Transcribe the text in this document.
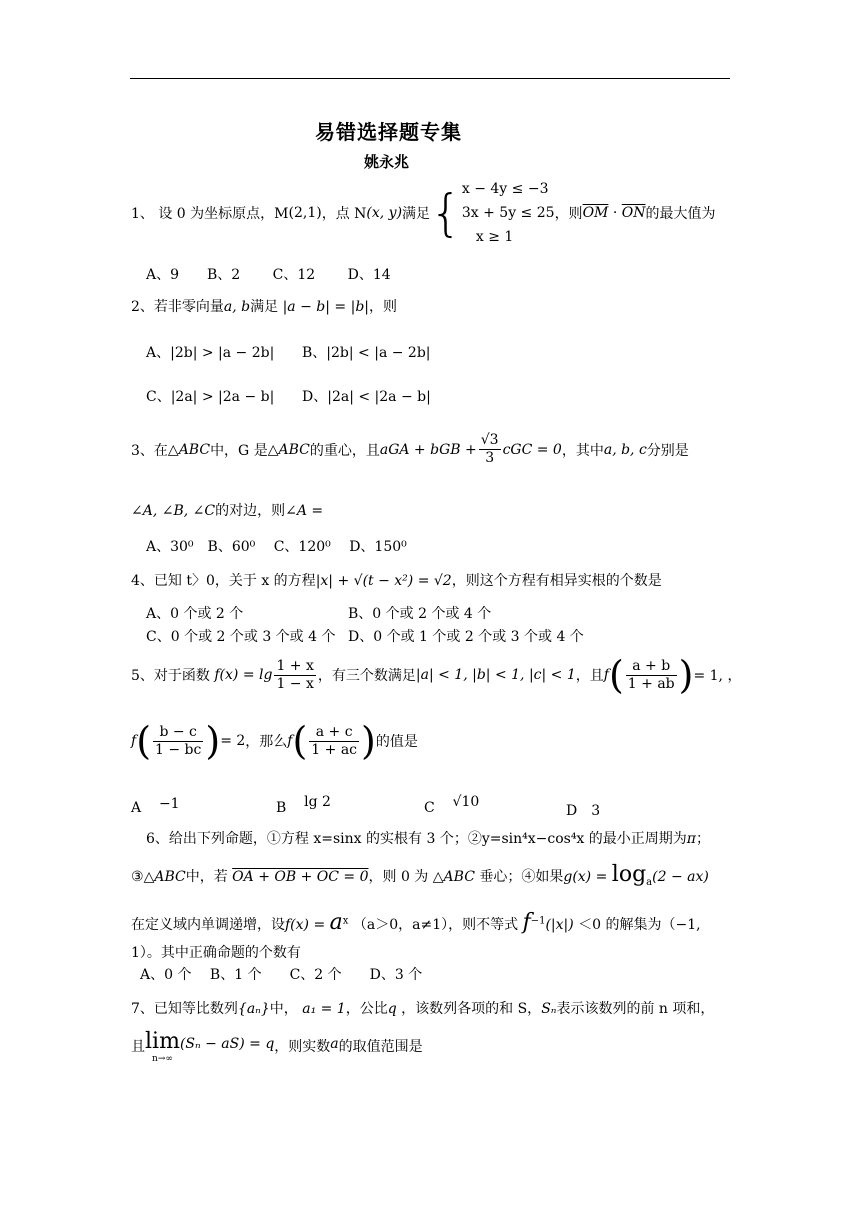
易错选择题专集
姚永兆
1、 设 0 为坐标原点，M (2,1) ，点 N (x, y) 满足 { x − 4y ≤ −3
3x + 5y ≤ 25
x ≥ 1
，则 $\overline{OM} \cdot \overline{ON}$ 的最大值为
A、9　　B、2　　 C、12　　 D、14
2、若非零向量a, b满足 |a − b| = |b|，则
A、|2b| > |a − 2b| B、|2b| < |a − 2b|
C、|2a| > |2a − b| D、|2a| < |2a − b|
3、在 △ABC 中，G 是 △ABC 的重心，且 aGA + bGB + $\frac{√3}{3}$ cGC = 0 ，其中 a, b, c 分别是
∠A, ∠B, ∠C的对边，则∠A =
A、30⁰　B、60⁰　 C、120⁰　 D、150⁰
4、已知 t〉0，关于 x 的方程|x| + √(t − x²) = √2，则这个方程有相异实根的个数是
A、0 个或 2 个	B、0 个或 2 个或 4 个
C、0 个或 2 个或 3 个或 4 个 D、0 个或 1 个或 2 个或 3 个或 4 个
5、对于函数
$f(x) = \lg \frac{1 + x}{1 - x}$ ，有三个数满足 |a| < 1, |b| < 1, |c| < 1 ，且 f ( $\frac{a + b}{1 + ab}$ ) = 1, ，
f ( $\frac{b - c}{1 - bc}$ ) = 2 ，那么 f ( $\frac{a + c}{1 + ac}$ ) 的值是
A −1	B lg 2	C √10
D　3
6、给出下列命题，①方程 x=sinx 的实根有 3 个；②y=sin⁴x−cos⁴x 的最小正周期为π；
③△ABC中，若 OA + OB + OC = 0，则 0 为 △ABC 垂心；④如果$g(x) = \log_a(2 - ax)$
在定义域内单调递增，设$f(x) = a^x$ （a＞0，a≠1），则不等式 $f^{-1}(|x|) <0$ 的解集为（−1,
1）。其中正确命题的个数有
A、0 个　 B、1 个　　C、2 个　　D、3 个
7、已知等比数列{aₙ}中， a₁ = 1，公比q ，该数列各项的和 S，Sₙ表示该数列的前 n 项和，
且 lim
n→∞
(Sₙ − aS) = q ，则实数 a 的取值范围是
